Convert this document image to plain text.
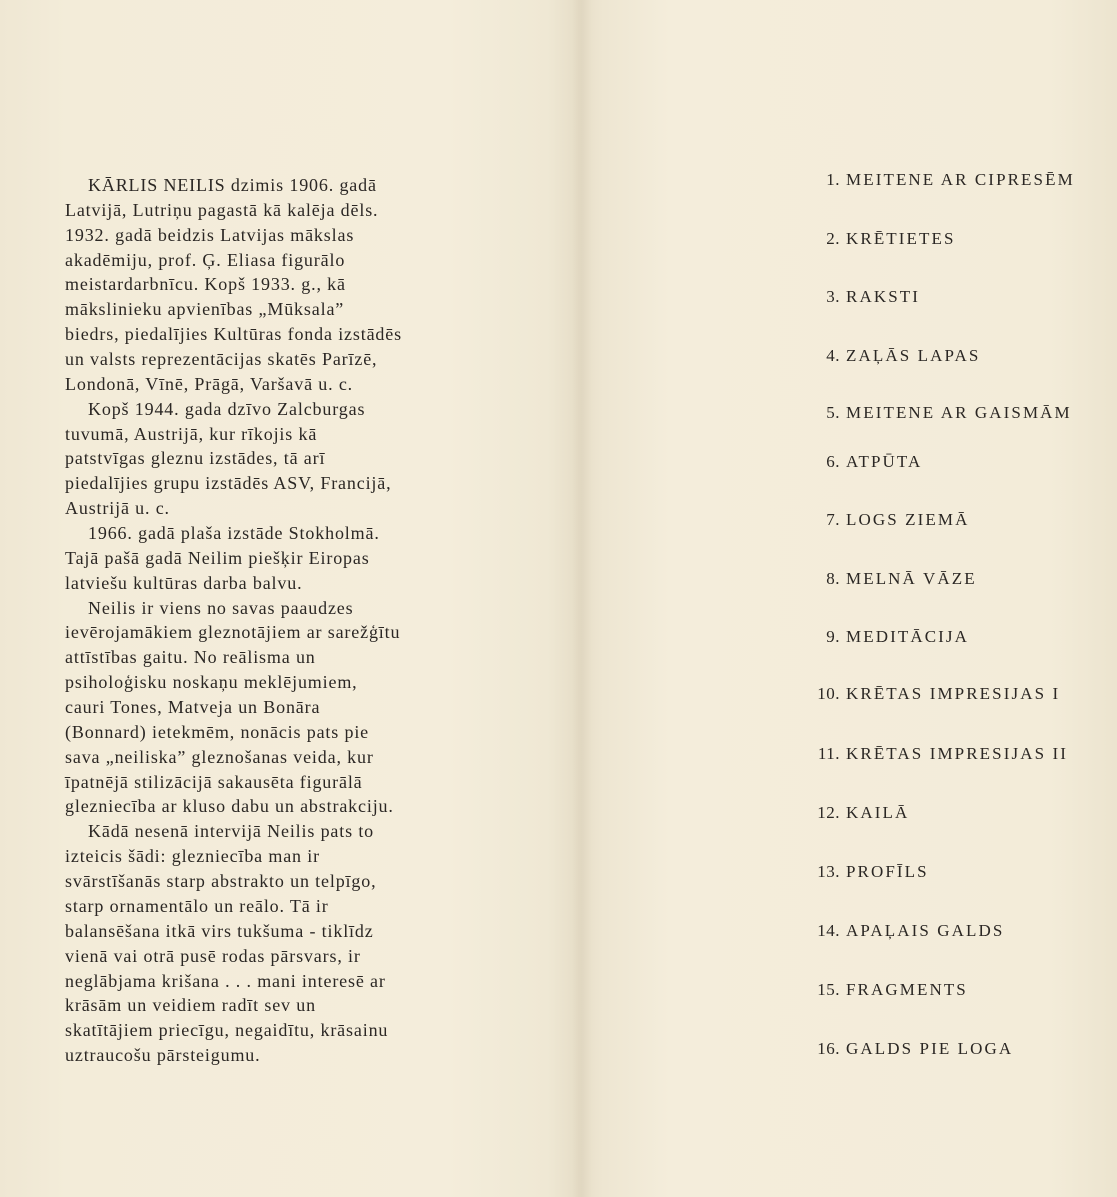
KĀRLIS NEILIS dzimis 1906. gadā
Latvijā, Lutriņu pagastā kā kalēja dēls.
1932. gadā beidzis Latvijas mākslas
akadēmiju, prof. Ģ. Eliasa figurālo
meistardarbnīcu. Kopš 1933. g., kā
mākslinieku apvienības „Mūksala”
biedrs, piedalījies Kultūras fonda izstādēs
un valsts reprezentācijas skatēs Parīzē,
Londonā, Vīnē, Prāgā, Varšavā u. c.
Kopš 1944. gada dzīvo Zalcburgas
tuvumā, Austrijā, kur rīkojis kā
patstvīgas gleznu izstādes, tā arī
piedalījies grupu izstādēs ASV, Francijā,
Austrijā u. c.
1966. gadā plaša izstāde Stokholmā.
Tajā pašā gadā Neilim piešķir Eiropas
latviešu kultūras darba balvu.
Neilis ir viens no savas paaudzes
ievērojamākiem gleznotājiem ar sarežģītu
attīstības gaitu. No reālisma un
psiholoģisku noskaņu meklējumiem,
cauri Tones, Matveja un Bonāra
(Bonnard) ietekmēm, nonācis pats pie
sava „neiliska” gleznošanas veida, kur
īpatnējā stilizācijā sakausēta figurālā
glezniecība ar kluso dabu un abstrakciju.
Kādā nesenā intervijā Neilis pats to
izteicis šādi: glezniecība man ir
svārstīšanās starp abstrakto un telpīgo,
starp ornamentālo un reālo. Tā ir
balansēšana itkā virs tukšuma - tiklīdz
vienā vai otrā pusē rodas pārsvars, ir
neglābjama krišana . . . mani interesē ar
krāsām un veidiem radīt sev un
skatītājiem priecīgu, negaidītu, krāsainu
uztraucošu pārsteigumu.
1. MEITENE AR CIPRESĒM
2. KRĒTIETES
3. RAKSTI
4. ZAĻĀS LAPAS
5. MEITENE AR GAISMĀM
6. ATPŪTA
7. LOGS ZIEMĀ
8. MELNĀ VĀZE
9. MEDITĀCIJA
10. KRĒTAS IMPRESIJAS I
11. KRĒTAS IMPRESIJAS II
12. KAILĀ
13. PROFĪLS
14. APAĻAIS GALDS
15. FRAGMENTS
16. GALDS PIE LOGA
